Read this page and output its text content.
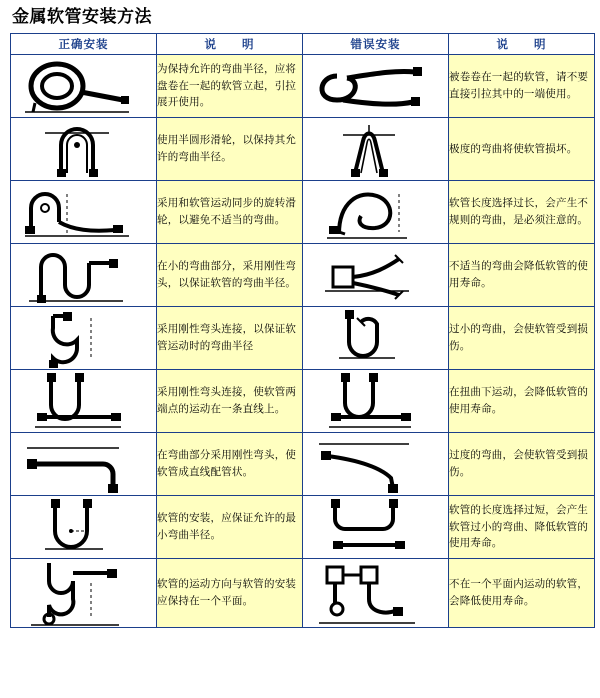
金属软管安装方法
正确安装	说　　明	错误安装	说　　明

	为保持允许的弯曲半径，应将盘卷在一起的软管立起，引拉展开使用。		被卷卷在一起的软管，请不要直接引拉其中的一端使用。

	使用半圆形滑轮，以保持其允许的弯曲半径。		极度的弯曲将使软管损坏。

	采用和软管运动同步的旋转滑轮，以避免不适当的弯曲。		软管长度选择过长，会产生不规则的弯曲，是必须注意的。

	在小的弯曲部分，采用刚性弯头，以保证软管的弯曲半径。		不适当的弯曲会降低软管的使用寿命。

	采用刚性弯头连接，以保证软管运动时的弯曲半径		过小的弯曲，会使软管受到损伤。

	采用刚性弯头连接，使软管两端点的运动在一条直线上。		在扭曲下运动，会降低软管的使用寿命。

	在弯曲部分采用刚性弯头，使软管成直线配管状。		过度的弯曲，会使软管受到损伤。

	软管的安装，应保证允许的最小弯曲半径。		软管的长度选择过短，会产生软管过小的弯曲、降低软管的使用寿命。

	软管的运动方向与软管的安装应保持在一个平面。		不在一个平面内运动的软管，会降低使用寿命。
